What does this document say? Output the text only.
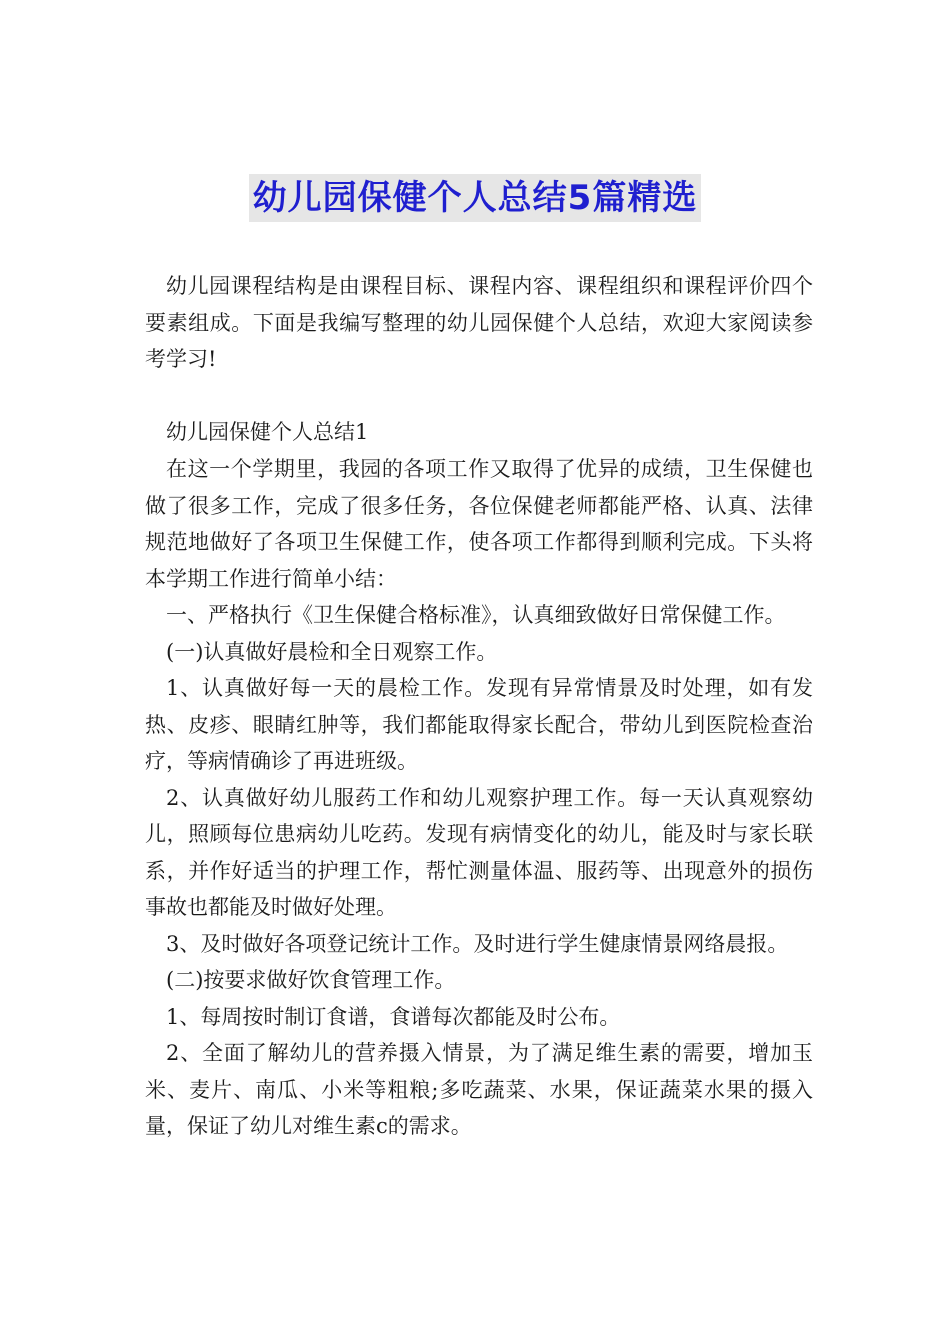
幼儿园保健个人总结5篇精选

幼儿园课程结构是由课程目标、课程内容、课程组织和课程评价四个要素组成。下面是我编写整理的幼儿园保健个人总结，欢迎大家阅读参考学习!

幼儿园保健个人总结1

在这一个学期里，我园的各项工作又取得了优异的成绩，卫生保健也做了很多工作，完成了很多任务，各位保健老师都能严格、认真、法律规范地做好了各项卫生保健工作，使各项工作都得到顺利完成。下头将本学期工作进行简单小结：

一、严格执行《卫生保健合格标准》，认真细致做好日常保健工作。

(一)认真做好晨检和全日观察工作。

1、认真做好每一天的晨检工作。发现有异常情景及时处理，如有发热、皮疹、眼睛红肿等，我们都能取得家长配合，带幼儿到医院检查治疗，等病情确诊了再进班级。

2、认真做好幼儿服药工作和幼儿观察护理工作。每一天认真观察幼儿，照顾每位患病幼儿吃药。发现有病情变化的幼儿，能及时与家长联系，并作好适当的护理工作，帮忙测量体温、服药等、出现意外的损伤事故也都能及时做好处理。

3、及时做好各项登记统计工作。及时进行学生健康情景网络晨报。

(二)按要求做好饮食管理工作。

1、每周按时制订食谱，食谱每次都能及时公布。

2、全面了解幼儿的营养摄入情景，为了满足维生素的需要，增加玉米、麦片、南瓜、小米等粗粮;多吃蔬菜、水果，保证蔬菜水果的摄入量，保证了幼儿对维生素c的需求。
